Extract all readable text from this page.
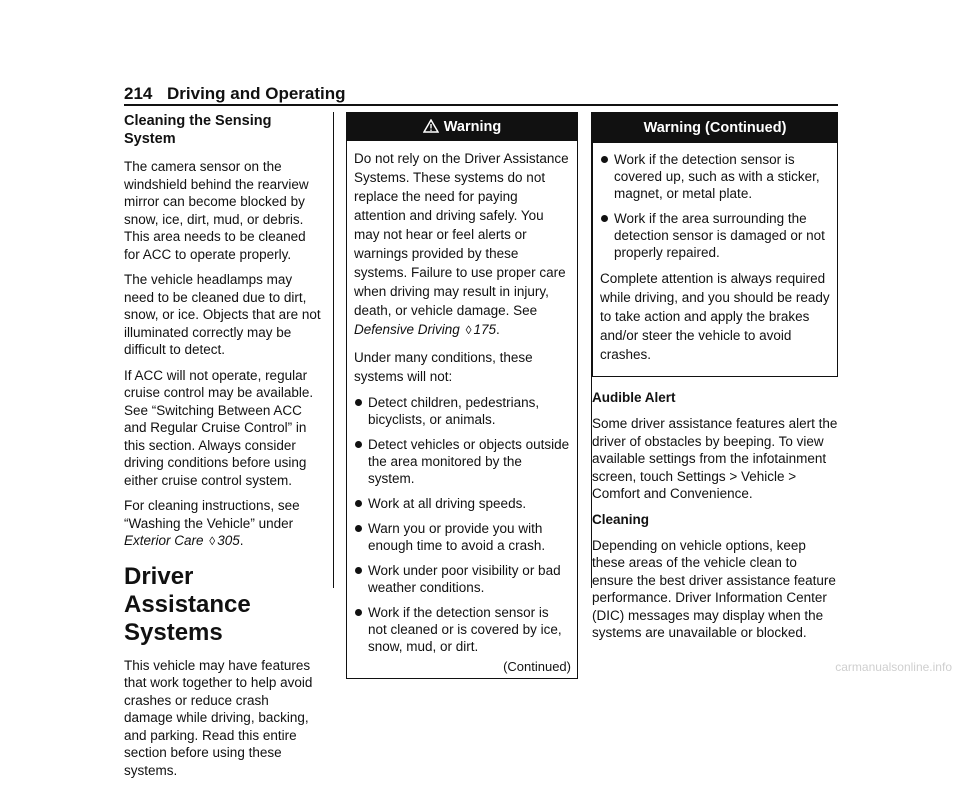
214 Driving and Operating
Cleaning the Sensing System

The camera sensor on the windshield behind the rearview mirror can become blocked by snow, ice, dirt, mud, or debris. This area needs to be cleaned for ACC to operate properly.

The vehicle headlamps may need to be cleaned due to dirt, snow, or ice. Objects that are not illuminated correctly may be difficult to detect.

If ACC will not operate, regular cruise control may be available. See “Switching Between ACC and Regular Cruise Control” in this section. Always consider driving conditions before using either cruise control system.

For cleaning instructions, see “Washing the Vehicle” under Exterior Care ◊ 305.

Driver Assistance Systems

This vehicle may have features that work together to help avoid crashes or reduce crash damage while driving, backing, and parking. Read this entire section before using these systems.

Warning

Do not rely on the Driver Assistance Systems. These systems do not replace the need for paying attention and driving safely. You may not hear or feel alerts or warnings provided by these systems. Failure to use proper care when driving may result in injury, death, or vehicle damage. See Defensive Driving ◊ 175.

Under many conditions, these systems will not:

Detect children, pedestrians, bicyclists, or animals.
Detect vehicles or objects outside the area monitored by the system.
Work at all driving speeds.
Warn you or provide you with enough time to avoid a crash.
Work under poor visibility or bad weather conditions.
Work if the detection sensor is not cleaned or is covered by ice, snow, mud, or dirt.
(Continued)
Warning (Continued)
Work if the detection sensor is covered up, such as with a sticker, magnet, or metal plate.
Work if the area surrounding the detection sensor is damaged or not properly repaired.

Complete attention is always required while driving, and you should be ready to take action and apply the brakes and/or steer the vehicle to avoid crashes.

Audible Alert

Some driver assistance features alert the driver of obstacles by beeping. To view available settings from the infotainment screen, touch Settings > Vehicle > Comfort and Convenience.

Cleaning

Depending on vehicle options, keep these areas of the vehicle clean to ensure the best driver assistance feature performance. Driver Information Center (DIC) messages may display when the systems are unavailable or blocked.

carmanualsonline.info
